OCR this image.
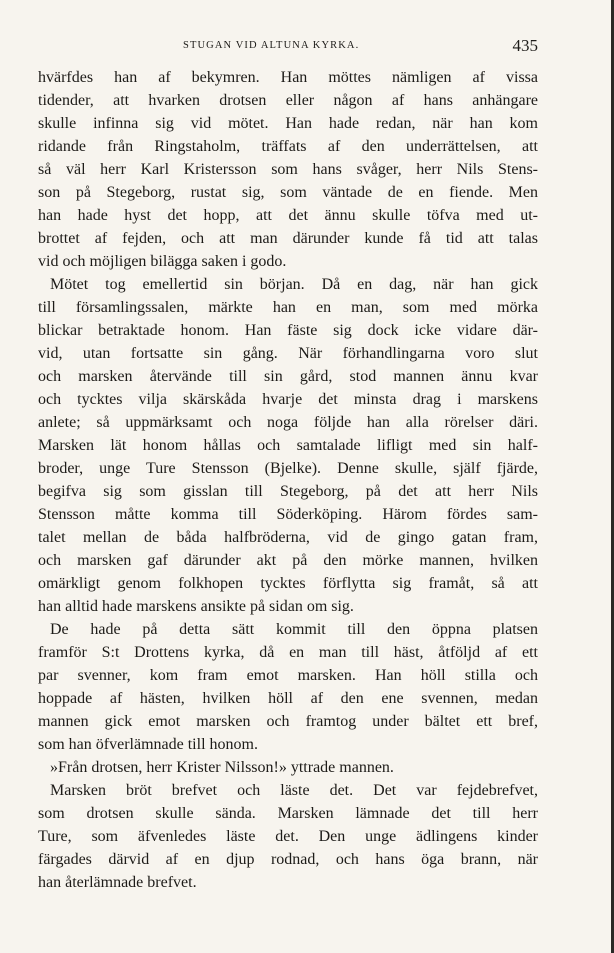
STUGAN VID ALTUNA KYRKA.	435
hvärfdes han af bekymren. Han möttes nämligen af vissa
tidender, att hvarken drotsen eller någon af hans anhängare
skulle infinna sig vid mötet. Han hade redan, när han kom
ridande från Ringstaholm, träffats af den underrättelsen, att
så väl herr Karl Kristersson som hans svåger, herr Nils Stens-
son på Stegeborg, rustat sig, som väntade de en fiende. Men
han hade hyst det hopp, att det ännu skulle töfva med ut-
brottet af fejden, och att man därunder kunde få tid att talas
vid och möjligen bilägga saken i godo.
Mötet tog emellertid sin början. Då en dag, när han gick
till församlingssalen, märkte han en man, som med mörka
blickar betraktade honom. Han fäste sig dock icke vidare där-
vid, utan fortsatte sin gång. När förhandlingarna voro slut
och marsken återvände till sin gård, stod mannen ännu kvar
och tycktes vilja skärskåda hvarje det minsta drag i marskens
anlete; så uppmärksamt och noga följde han alla rörelser däri.
Marsken lät honom hållas och samtalade lifligt med sin half-
broder, unge Ture Stensson (Bjelke). Denne skulle, själf fjärde,
begifva sig som gisslan till Stegeborg, på det att herr Nils
Stensson måtte komma till Söderköping. Härom fördes sam-
talet mellan de båda halfbröderna, vid de gingo gatan fram,
och marsken gaf därunder akt på den mörke mannen, hvilken
omärkligt genom folkhopen tycktes förflytta sig framåt, så att
han alltid hade marskens ansikte på sidan om sig.
De hade på detta sätt kommit till den öppna platsen
framför S:t Drottens kyrka, då en man till häst, åtföljd af ett
par svenner, kom fram emot marsken. Han höll stilla och
hoppade af hästen, hvilken höll af den ene svennen, medan
mannen gick emot marsken och framtog under bältet ett bref,
som han öfverlämnade till honom.
»Från drotsen, herr Krister Nilsson!» yttrade mannen.
Marsken bröt brefvet och läste det. Det var fejdebrefvet,
som drotsen skulle sända. Marsken lämnade det till herr
Ture, som äfvenledes läste det. Den unge ädlingens kinder
färgades därvid af en djup rodnad, och hans öga brann, när
han återlämnade brefvet.
